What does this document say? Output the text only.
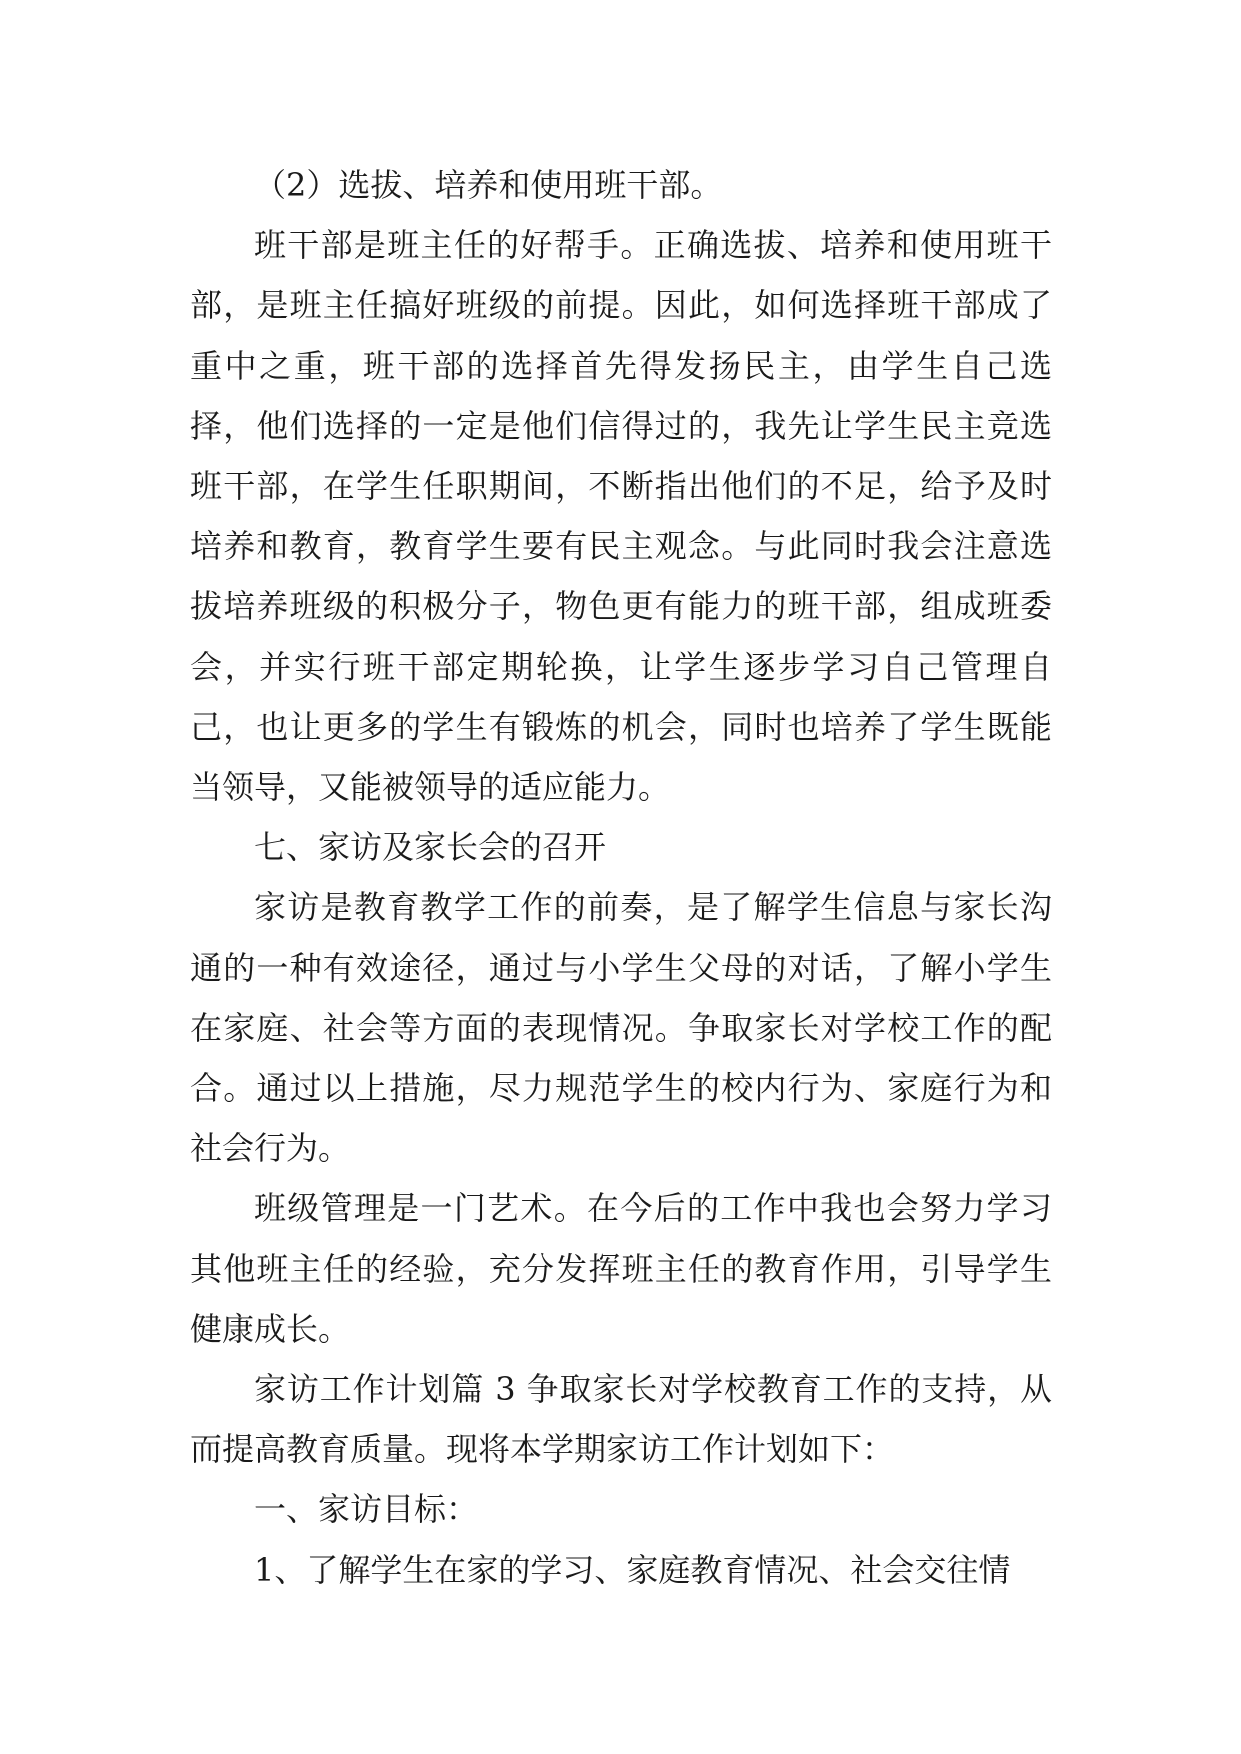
（2）选拔、培养和使用班干部。

班干部是班主任的好帮手。正确选拔、培养和使用班干部，是班主任搞好班级的前提。因此，如何选择班干部成了重中之重，班干部的选择首先得发扬民主，由学生自己选择，他们选择的一定是他们信得过的，我先让学生民主竞选班干部，在学生任职期间，不断指出他们的不足，给予及时培养和教育，教育学生要有民主观念。与此同时我会注意选拔培养班级的积极分子，物色更有能力的班干部，组成班委会，并实行班干部定期轮换，让学生逐步学习自己管理自己，也让更多的学生有锻炼的机会，同时也培养了学生既能当领导，又能被领导的适应能力。

七、家访及家长会的召开

家访是教育教学工作的前奏，是了解学生信息与家长沟通的一种有效途径，通过与小学生父母的对话，了解小学生在家庭、社会等方面的表现情况。争取家长对学校工作的配合。通过以上措施，尽力规范学生的校内行为、家庭行为和社会行为。

班级管理是一门艺术。在今后的工作中我也会努力学习其他班主任的经验，充分发挥班主任的教育作用，引导学生健康成长。

家访工作计划篇 3 争取家长对学校教育工作的支持，从而提高教育质量。现将本学期家访工作计划如下：

一、家访目标：

1、了解学生在家的学习、家庭教育情况、社会交往情
